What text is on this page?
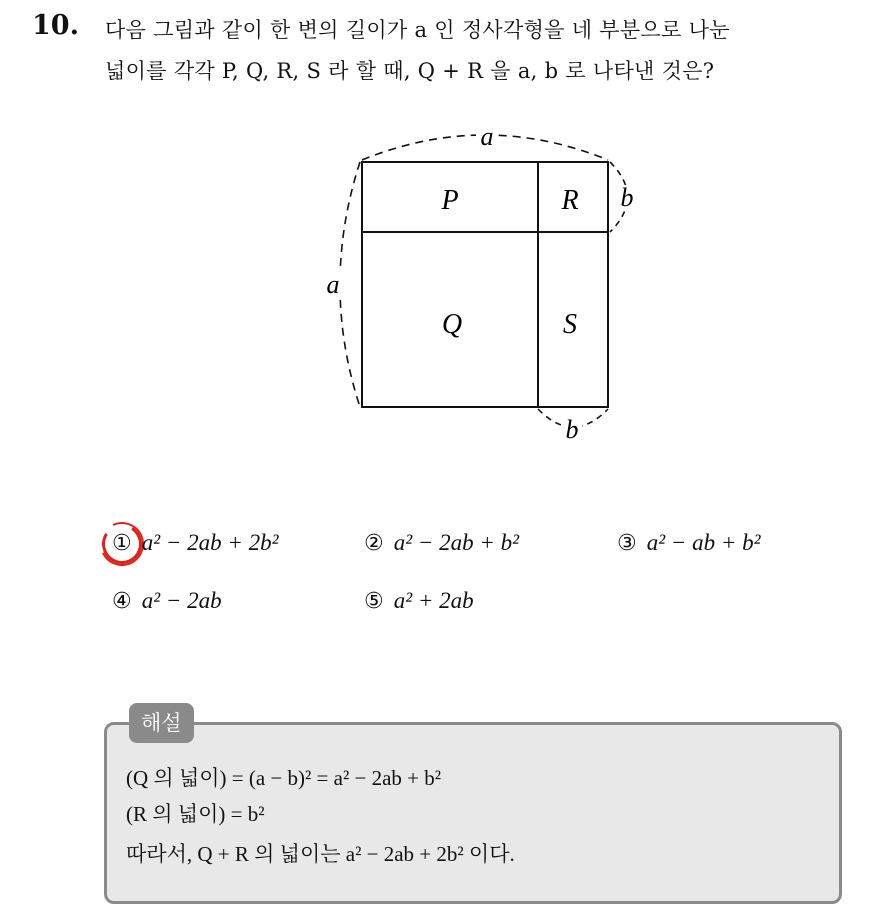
10. 다음 그림과 같이 한 변의 길이가 a 인 정사각형을 네 부분으로 나눈
넓이를 각각 P, Q, R, S 라 할 때, Q + R 을 a, b 로 나타낸 것은?
a
a
b
b
P	R
Q	S
① a² − 2ab + 2b²	② a² − 2ab + b²	③ a² − ab + b²
④ a² − 2ab	⑤ a² + 2ab
해설
(Q 의 넓이) = (a − b)² = a² − 2ab + b²
(R 의 넓이) = b²
따라서, Q + R 의 넓이는 a² − 2ab + 2b² 이다.
